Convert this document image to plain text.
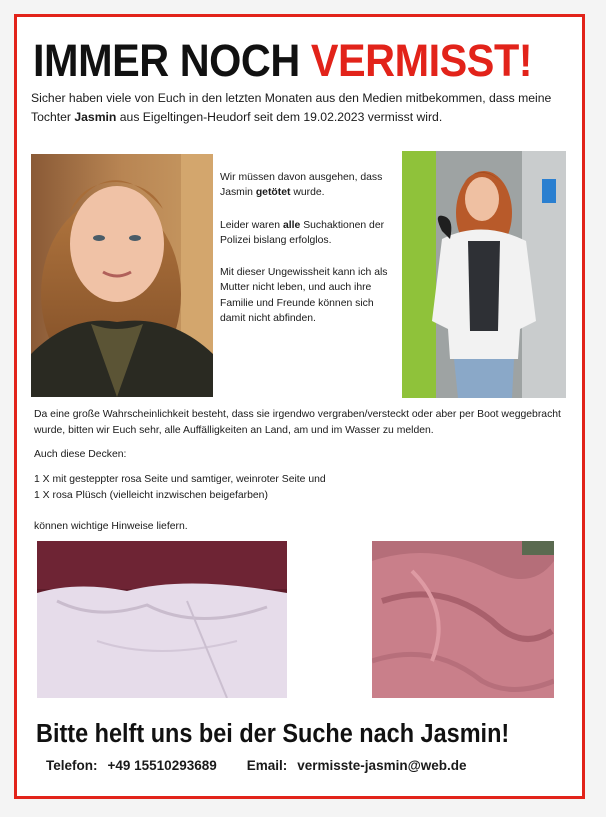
IMMER NOCH VERMISST!

Sicher haben viele von Euch in den letzten Monaten aus den Medien mitbekommen, dass meine Tochter Jasmin aus Eigeltingen-Heudorf seit dem 19.02.2023 vermisst wird.

Wir müssen davon ausgehen, dass Jasmin getötet wurde.

Leider waren alle Suchaktionen der Polizei bislang erfolglos.

Mit dieser Ungewissheit kann ich als Mutter nicht leben, und auch ihre Familie und Freunde können sich damit nicht abfinden.

Da eine große Wahrscheinlichkeit besteht, dass sie irgendwo vergraben/versteckt oder aber per Boot weggebracht wurde, bitten wir Euch sehr, alle Auffälligkeiten an Land, am und im Wasser zu melden.
Auch diese Decken:

1 X mit gesteppter rosa Seite und samtiger, weinroter Seite und

1 X rosa Plüsch (vielleicht inzwischen beigefarben)

können wichtige Hinweise liefern.
Bitte helft uns bei der Suche nach Jasmin!
Telefon: +49 15510293689 Email: vermisste-jasmin@web.de
